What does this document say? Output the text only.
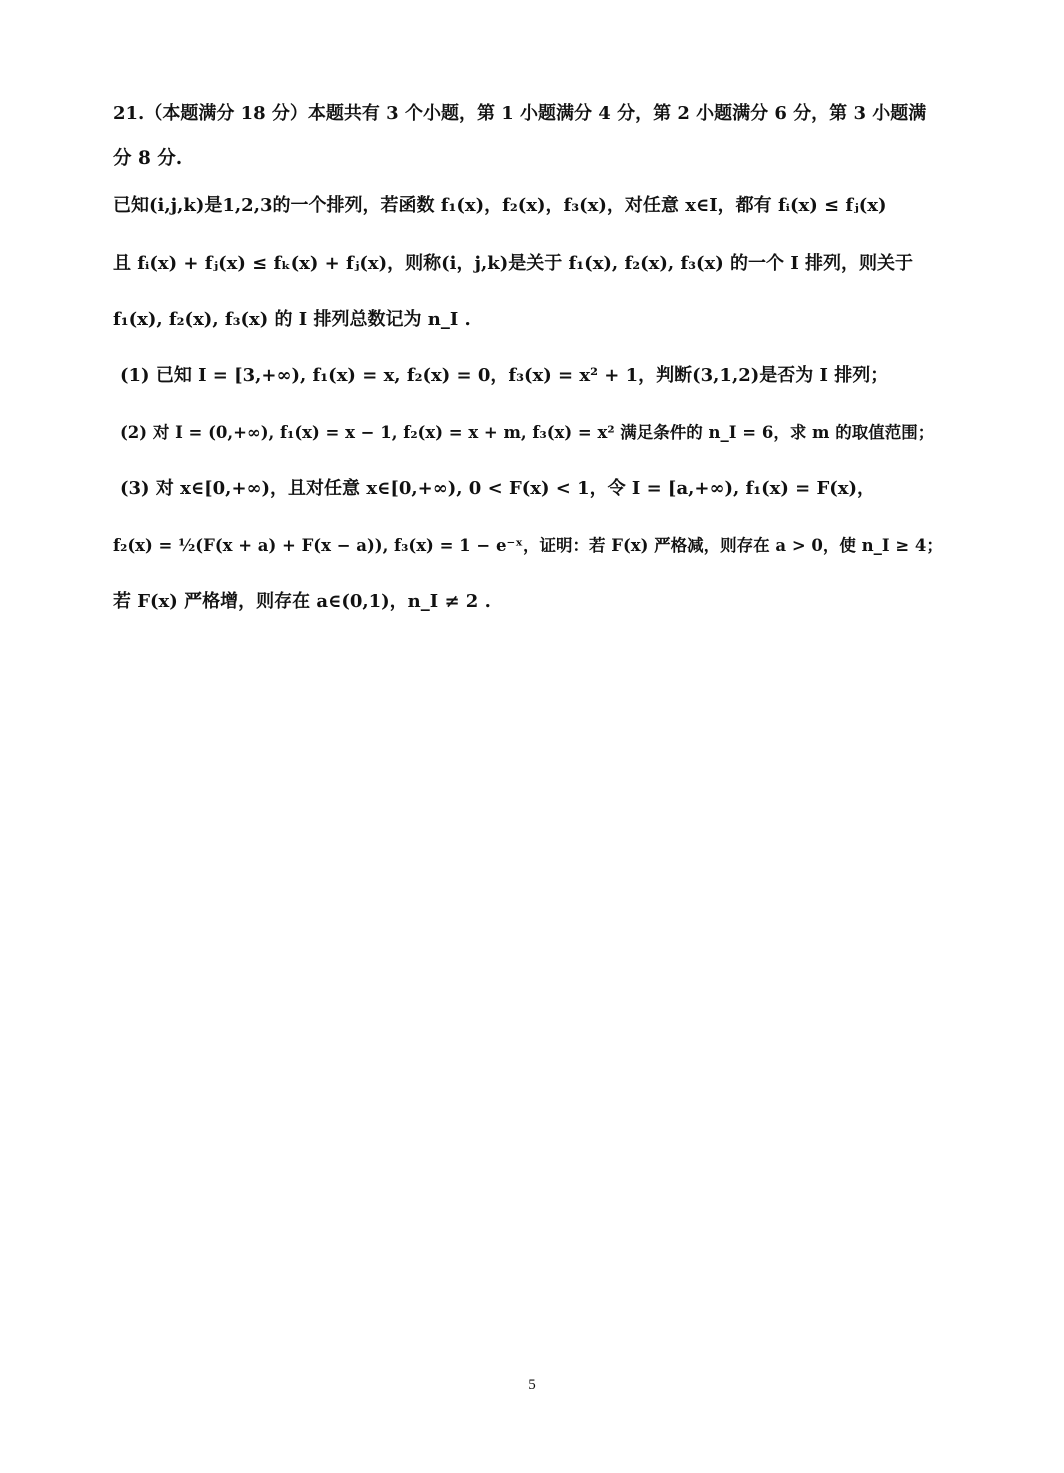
21.（本题满分 18 分）本题共有 3 个小题，第 1 小题满分 4 分，第 2 小题满分 6 分，第 3 小题满
分 8 分.
已知(i,j,k)是1,2,3的一个排列，若函数 f₁(x)，f₂(x)，f₃(x)，对任意 x∈I，都有 fᵢ(x) ≤ fⱼ(x)
且 fᵢ(x) + fⱼ(x) ≤ fₖ(x) + fⱼ(x)，则称(i，j,k)是关于 f₁(x), f₂(x), f₃(x) 的一个 I 排列，则关于
f₁(x), f₂(x), f₃(x) 的 I 排列总数记为 n_I .
(1) 已知 I = [3,+∞), f₁(x) = x, f₂(x) = 0，f₃(x) = x² + 1，判断(3,1,2)是否为 I 排列；
(2) 对 I = (0,+∞), f₁(x) = x − 1, f₂(x) = x + m, f₃(x) = x² 满足条件的 n_I = 6，求 m 的取值范围；
(3) 对 x∈[0,+∞)，且对任意 x∈[0,+∞), 0 < F(x) < 1，令 I = [a,+∞), f₁(x) = F(x)，
f₂(x) = ½(F(x + a) + F(x − a)), f₃(x) = 1 − e⁻ˣ，证明：若 F(x) 严格减，则存在 a > 0，使 n_I ≥ 4；
若 F(x) 严格增，则存在 a∈(0,1)，n_I ≠ 2 .
5
